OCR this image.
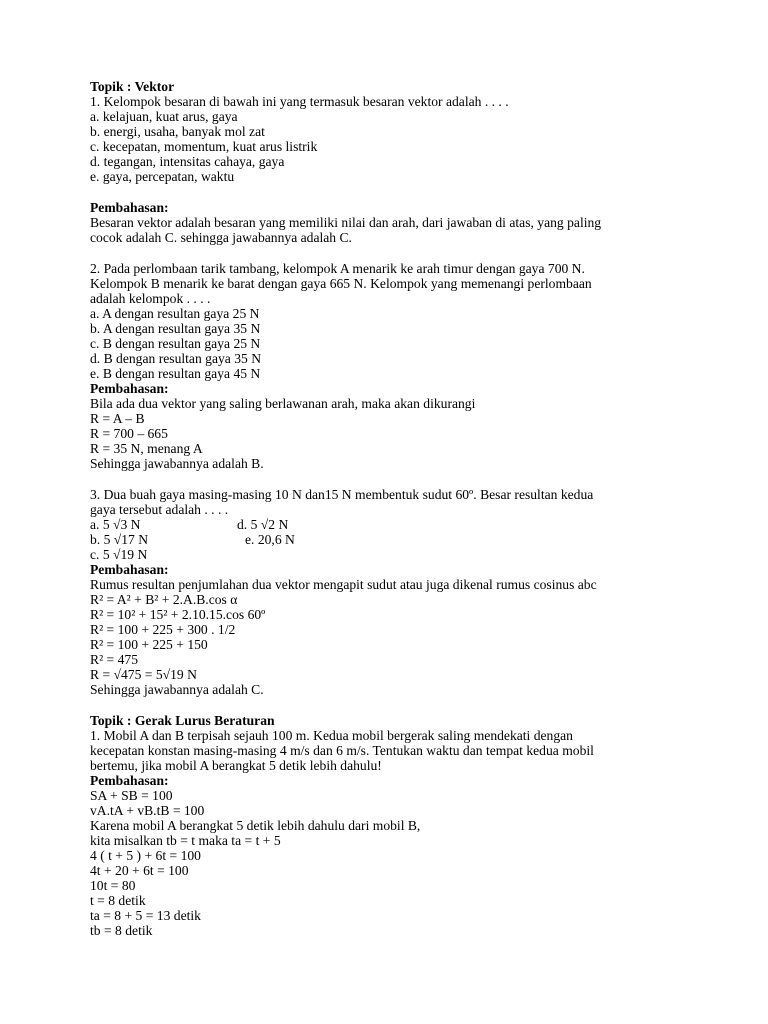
Topik : Vektor
1. Kelompok besaran di bawah ini yang termasuk besaran vektor adalah . . . .
a. kelajuan, kuat arus, gaya
b. energi, usaha, banyak mol zat
c. kecepatan, momentum, kuat arus listrik
d. tegangan, intensitas cahaya, gaya
e. gaya, percepatan, waktu
Pembahasan:
Besaran vektor adalah besaran yang memiliki nilai dan arah, dari jawaban di atas, yang paling
cocok adalah C. sehingga jawabannya adalah C.
2. Pada perlombaan tarik tambang, kelompok A menarik ke arah timur dengan gaya 700 N.
Kelompok B menarik ke barat dengan gaya 665 N. Kelompok yang memenangi perlombaan
adalah kelompok . . . .
a. A dengan resultan gaya 25 N
b. A dengan resultan gaya 35 N
c. B dengan resultan gaya 25 N
d. B dengan resultan gaya 35 N
e. B dengan resultan gaya 45 N
Pembahasan:
Bila ada dua vektor yang saling berlawanan arah, maka akan dikurangi
R = A – B
R = 700 – 665
R = 35 N, menang A
Sehingga jawabannya adalah B.
3. Dua buah gaya masing-masing 10 N dan15 N membentuk sudut 60º. Besar resultan kedua
gaya tersebut adalah . . . .
a. 5 √3 N	d. 5 √2 N
b. 5 √17 N	e. 20,6 N
c. 5 √19 N
Pembahasan:
Rumus resultan penjumlahan dua vektor mengapit sudut atau juga dikenal rumus cosinus abc
R² = A² + B² + 2.A.B.cos α
R² = 10² + 15² + 2.10.15.cos 60º
R² = 100 + 225 + 300 . 1/2
R² = 100 + 225 + 150
R² = 475
R = √475 = 5√19 N
Sehingga jawabannya adalah C.
Topik : Gerak Lurus Beraturan
1. Mobil A dan B terpisah sejauh 100 m. Kedua mobil bergerak saling mendekati dengan
kecepatan konstan masing-masing 4 m/s dan 6 m/s. Tentukan waktu dan tempat kedua mobil
bertemu, jika mobil A berangkat 5 detik lebih dahulu!
Pembahasan:
SA + SB = 100
vA.tA + vB.tB = 100
Karena mobil A berangkat 5 detik lebih dahulu dari mobil B,
kita misalkan tb = t maka ta = t + 5
4 ( t + 5 ) + 6t = 100
4t + 20 + 6t = 100
10t = 80
t = 8 detik
ta = 8 + 5 = 13 detik
tb = 8 detik
